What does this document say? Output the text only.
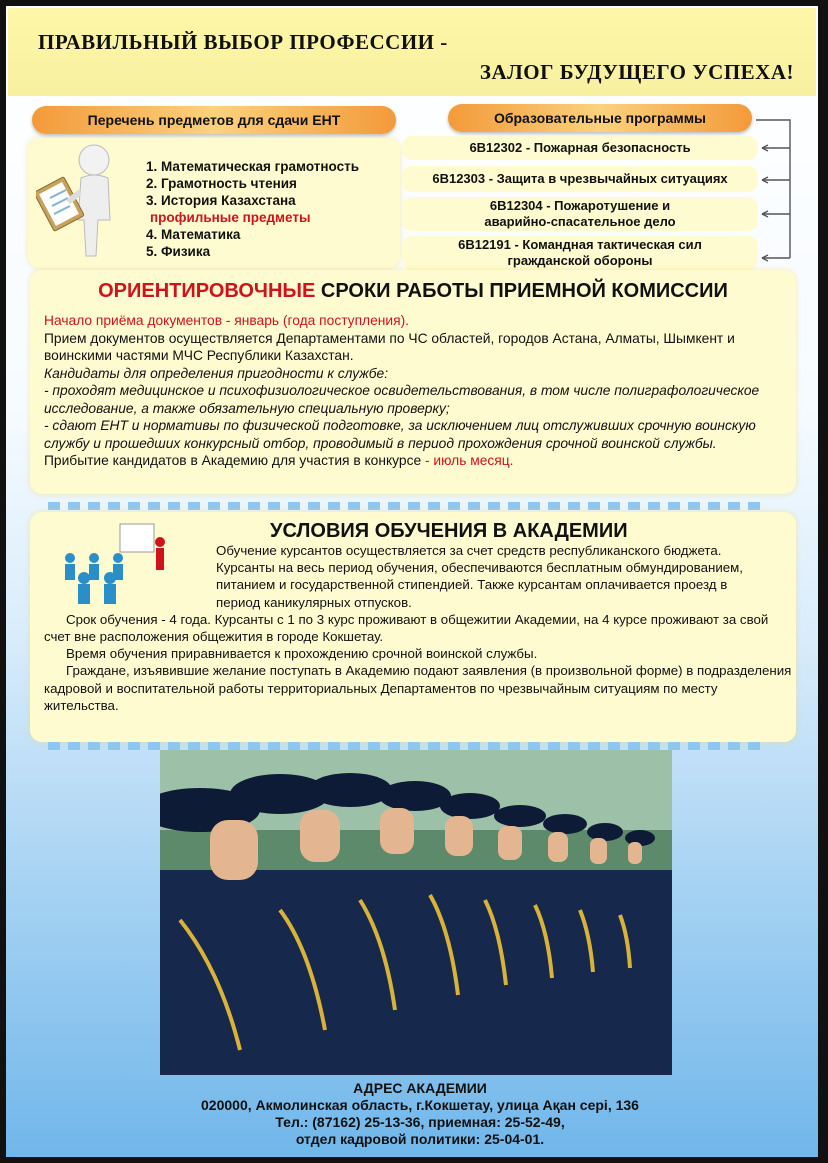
ПРАВИЛЬНЫЙ ВЫБОР ПРОФЕССИИ -
ЗАЛОГ БУДУЩЕГО УСПЕХА!
Перечень предметов для сдачи ЕНТ
1. Математическая грамотность
2. Грамотность чтения
3. История Казахстана
профильные предметы
4. Математика
5. Физика
Образовательные программы
6В12302 - Пожарная безопасность
6В12303 - Защита в чрезвычайных ситуациях
6В12304 - Пожаротушение и аварийно-спасательное дело
6В12191 - Командная тактическая сил гражданской обороны
ОРИЕНТИРОВОЧНЫЕ СРОКИ РАБОТЫ ПРИЕМНОЙ КОМИССИИ
Начало приёма документов - январь (года поступления).
Прием документов осуществляется Департаментами по ЧС областей, городов Астана, Алматы, Шымкент и воинскими частями МЧС Республики Казахстан.
Кандидаты для определения пригодности к службе:
- проходят медицинское и психофизиологическое освидетельствования, в том числе полиграфологическое исследование, а также обязательную специальную проверку;
- сдают ЕНТ и нормативы по физической подготовке, за исключением лиц отслуживших срочную воинскую службу и прошедших конкурсный отбор, проводимый в период прохождения срочной воинской службы.
Прибытие кандидатов в Академию для участия в конкурсе - июль месяц.
УСЛОВИЯ ОБУЧЕНИЯ В АКАДЕМИИ

Обучение курсантов осуществляется за счет средств республиканского бюджета.

Курсанты на весь период обучения, обеспечиваются бесплатным обмундированием,

питанием и государственной стипендией. Также курсантам оплачивается проезд в

период каникулярных отпусков.

Срок обучения - 4 года. Курсанты с 1 по 3 курс проживают в общежитии Академии, на 4 курсе проживают за свой счет вне расположения общежития в городе Кокшетау.

Время обучения приравнивается к прохождению срочной воинской службы.

Граждане, изъявившие желание поступать в Академию подают заявления (в произвольной форме) в подразделения кадровой и воспитательной работы территориальных Департаментов по чрезвычайным ситуациям по месту жительства.

АДРЕС АКАДЕМИИ
020000, Акмолинская область, г.Кокшетау, улица Ақан сері, 136
Тел.: (87162) 25-13-36, приемная: 25-52-49,
отдел кадровой политики: 25-04-01.
